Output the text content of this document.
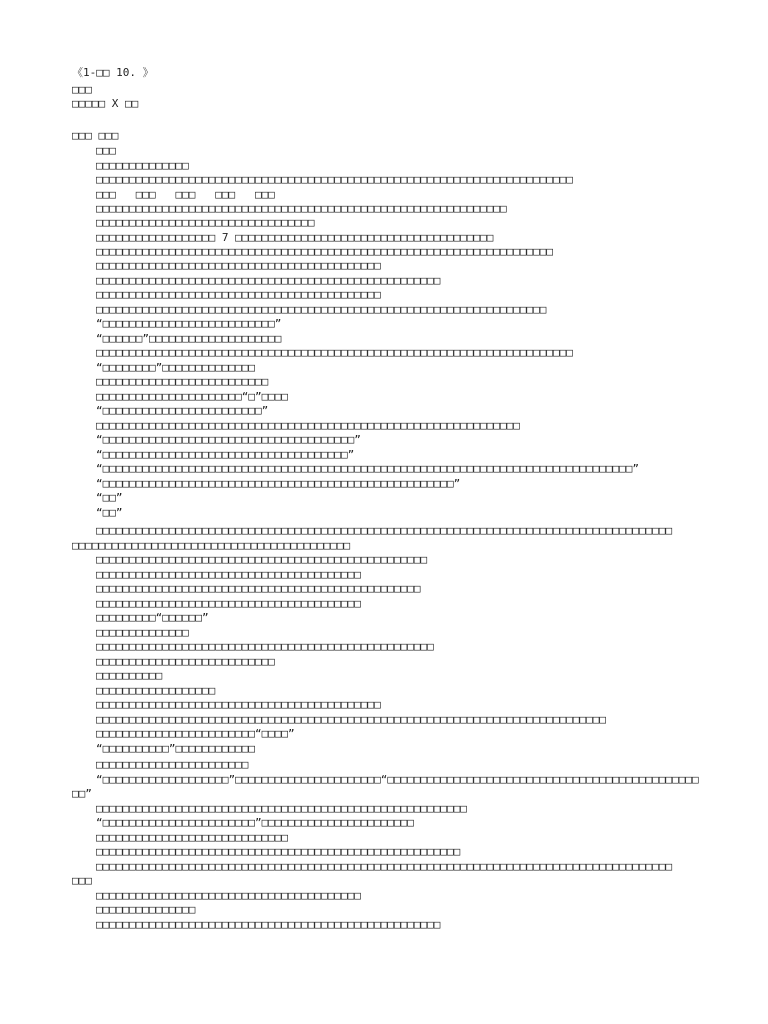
《1-□□ 10. 》
□□□
□□□□□ X □□
□□□ □□□
□□□
□□□□□□□□□□□□□□
□□□□□□□□□□□□□□□□□□□□□□□□□□□□□□□□□□□□□□□□□□□□□□□□□□□□□□□□□□□□□□□□□□□□□□□□
□□□   □□□   □□□   □□□   □□□
□□□□□□□□□□□□□□□□□□□□□□□□□□□□□□□□□□□□□□□□□□□□□□□□□□□□□□□□□□□□□□
□□□□□□□□□□□□□□□□□□□□□□□□□□□□□□□□□
□□□□□□□□□□□□□□□□□□ 7 □□□□□□□□□□□□□□□□□□□□□□□□□□□□□□□□□□□□□□□
□□□□□□□□□□□□□□□□□□□□□□□□□□□□□□□□□□□□□□□□□□□□□□□□□□□□□□□□□□□□□□□□□□□□□
□□□□□□□□□□□□□□□□□□□□□□□□□□□□□□□□□□□□□□□□□□□
□□□□□□□□□□□□□□□□□□□□□□□□□□□□□□□□□□□□□□□□□□□□□□□□□□□□
□□□□□□□□□□□□□□□□□□□□□□□□□□□□□□□□□□□□□□□□□□□
□□□□□□□□□□□□□□□□□□□□□□□□□□□□□□□□□□□□□□□□□□□□□□□□□□□□□□□□□□□□□□□□□□□□
“□□□□□□□□□□□□□□□□□□□□□□□□□□”
“□□□□□□”□□□□□□□□□□□□□□□□□□□□
□□□□□□□□□□□□□□□□□□□□□□□□□□□□□□□□□□□□□□□□□□□□□□□□□□□□□□□□□□□□□□□□□□□□□□□□
“□□□□□□□□”□□□□□□□□□□□□□□
□□□□□□□□□□□□□□□□□□□□□□□□□□
□□□□□□□□□□□□□□□□□□□□□□“□”□□□□
“□□□□□□□□□□□□□□□□□□□□□□□□”
□□□□□□□□□□□□□□□□□□□□□□□□□□□□□□□□□□□□□□□□□□□□□□□□□□□□□□□□□□□□□□□□
“□□□□□□□□□□□□□□□□□□□□□□□□□□□□□□□□□□□□□□”
“□□□□□□□□□□□□□□□□□□□□□□□□□□□□□□□□□□□□□”
“□□□□□□□□□□□□□□□□□□□□□□□□□□□□□□□□□□□□□□□□□□□□□□□□□□□□□□□□□□□□□□□□□□□□□□□□□□□□□□□□”
“□□□□□□□□□□□□□□□□□□□□□□□□□□□□□□□□□□□□□□□□□□□□□□□□□□□□□”
“□□”
“□□”
□□□□□□□□□□□□□□□□□□□□□□□□□□□□□□□□□□□□□□□□□□□□□□□□□□□□□□□□□□□□□□□□□□□□□□□□□□□□□□□□□□□□□□□
□□□□□□□□□□□□□□□□□□□□□□□□□□□□□□□□□□□□□□□□□□
□□□□□□□□□□□□□□□□□□□□□□□□□□□□□□□□□□□□□□□□□□□□□□□□□□
□□□□□□□□□□□□□□□□□□□□□□□□□□□□□□□□□□□□□□□□
□□□□□□□□□□□□□□□□□□□□□□□□□□□□□□□□□□□□□□□□□□□□□□□□□
□□□□□□□□□□□□□□□□□□□□□□□□□□□□□□□□□□□□□□□□
□□□□□□□□□“□□□□□□”
□□□□□□□□□□□□□□
□□□□□□□□□□□□□□□□□□□□□□□□□□□□□□□□□□□□□□□□□□□□□□□□□□□
□□□□□□□□□□□□□□□□□□□□□□□□□□□
□□□□□□□□□□
□□□□□□□□□□□□□□□□□□
□□□□□□□□□□□□□□□□□□□□□□□□□□□□□□□□□□□□□□□□□□□
□□□□□□□□□□□□□□□□□□□□□□□□□□□□□□□□□□□□□□□□□□□□□□□□□□□□□□□□□□□□□□□□□□□□□□□□□□□□□
□□□□□□□□□□□□□□□□□□□□□□□□“□□□□”
“□□□□□□□□□□”□□□□□□□□□□□□
□□□□□□□□□□□□□□□□□□□□□□□
“□□□□□□□□□□□□□□□□□□□”□□□□□□□□□□□□□□□□□□□□□□“□□□□□□□□□□□□□□□□□□□□□□□□□□□□□□□□□□□□□□□□□□□□□□□
□□”
□□□□□□□□□□□□□□□□□□□□□□□□□□□□□□□□□□□□□□□□□□□□□□□□□□□□□□□□
“□□□□□□□□□□□□□□□□□□□□□□□”□□□□□□□□□□□□□□□□□□□□□□□
□□□□□□□□□□□□□□□□□□□□□□□□□□□□□
□□□□□□□□□□□□□□□□□□□□□□□□□□□□□□□□□□□□□□□□□□□□□□□□□□□□□□□
□□□□□□□□□□□□□□□□□□□□□□□□□□□□□□□□□□□□□□□□□□□□□□□□□□□□□□□□□□□□□□□□□□□□□□□□□□□□□□□□□□□□□□□
□□□
□□□□□□□□□□□□□□□□□□□□□□□□□□□□□□□□□□□□□□□□
□□□□□□□□□□□□□□□
□□□□□□□□□□□□□□□□□□□□□□□□□□□□□□□□□□□□□□□□□□□□□□□□□□□□
